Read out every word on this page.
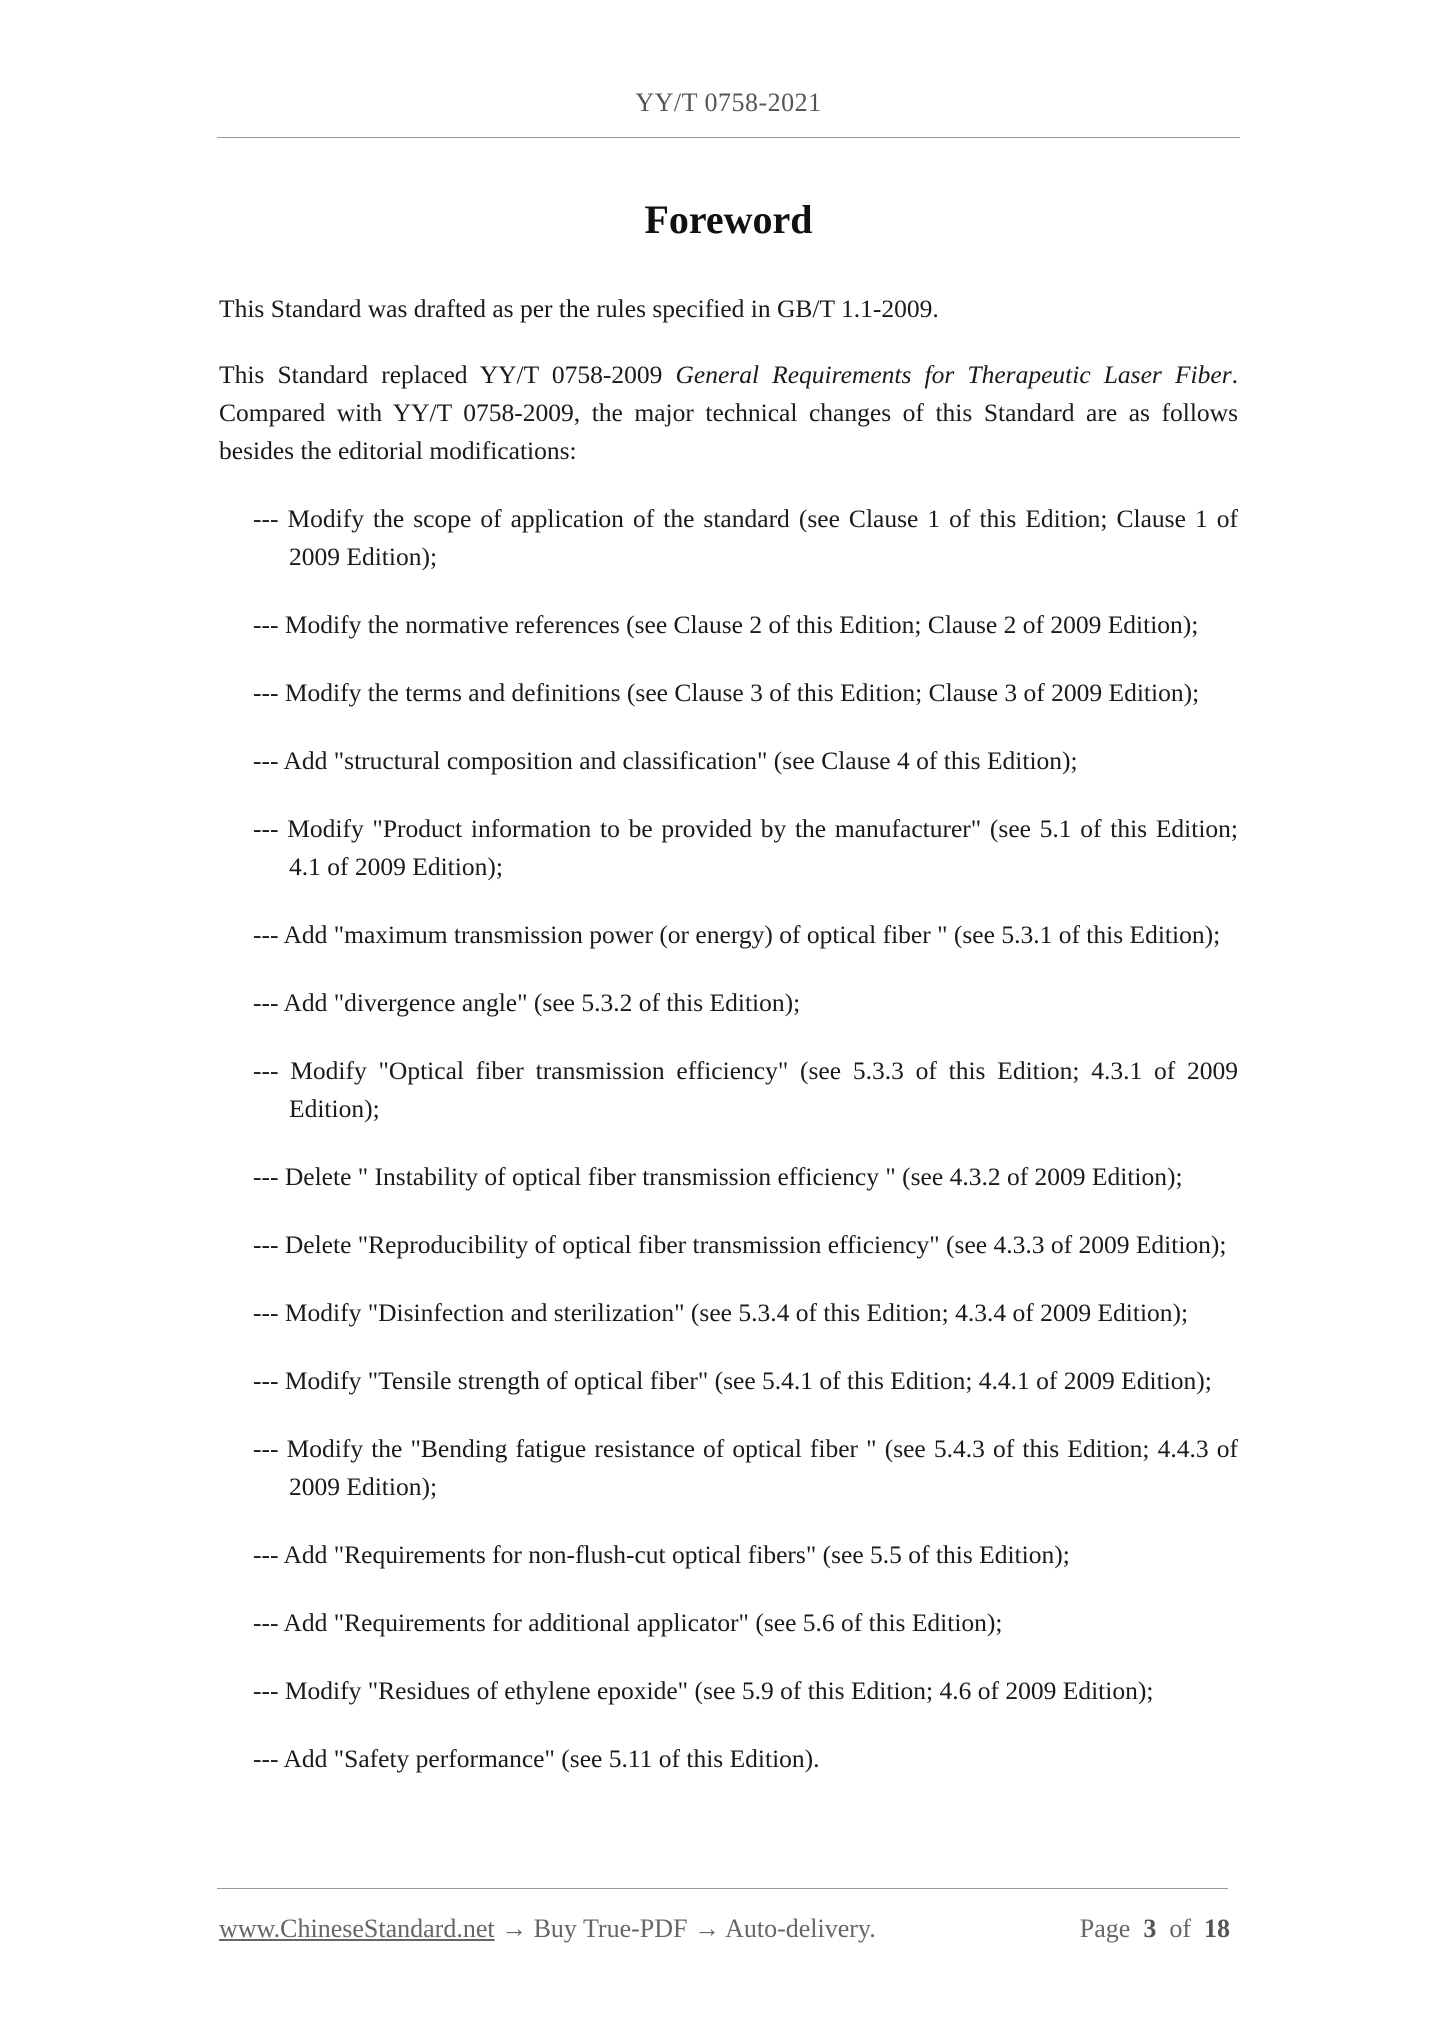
YY/T 0758-2021
Foreword

This Standard was drafted as per the rules specified in GB/T 1.1-2009.

This Standard replaced YY/T 0758-2009 General Requirements for Therapeutic Laser Fiber. Compared with YY/T 0758-2009, the major technical changes of this Standard are as follows besides the editorial modifications:

--- Modify the scope of application of the standard (see Clause 1 of this Edition; Clause 1 of 2009 Edition);
--- Modify the normative references (see Clause 2 of this Edition; Clause 2 of 2009 Edition);
--- Modify the terms and definitions (see Clause 3 of this Edition; Clause 3 of 2009 Edition);
--- Add "structural composition and classification" (see Clause 4 of this Edition);
--- Modify "Product information to be provided by the manufacturer" (see 5.1 of this Edition; 4.1 of 2009 Edition);
--- Add "maximum transmission power (or energy) of optical fiber " (see 5.3.1 of this Edition);
--- Add "divergence angle" (see 5.3.2 of this Edition);
--- Modify "Optical fiber transmission efficiency" (see 5.3.3 of this Edition; 4.3.1 of 2009 Edition);
--- Delete " Instability of optical fiber transmission efficiency " (see 4.3.2 of 2009 Edition);
--- Delete "Reproducibility of optical fiber transmission efficiency" (see 4.3.3 of 2009 Edition);
--- Modify "Disinfection and sterilization" (see 5.3.4 of this Edition; 4.3.4 of 2009 Edition);
--- Modify "Tensile strength of optical fiber" (see 5.4.1 of this Edition; 4.4.1 of 2009 Edition);
--- Modify the "Bending fatigue resistance of optical fiber " (see 5.4.3 of this Edition; 4.4.3 of 2009 Edition);
--- Add "Requirements for non-flush-cut optical fibers" (see 5.5 of this Edition);
--- Add "Requirements for additional applicator" (see 5.6 of this Edition);
--- Modify "Residues of ethylene epoxide" (see 5.9 of this Edition; 4.6 of 2009 Edition);
--- Add "Safety performance" (see 5.11 of this Edition).
www.ChineseStandard.net → Buy True-PDF → Auto-delivery.	Page 3 of 18
